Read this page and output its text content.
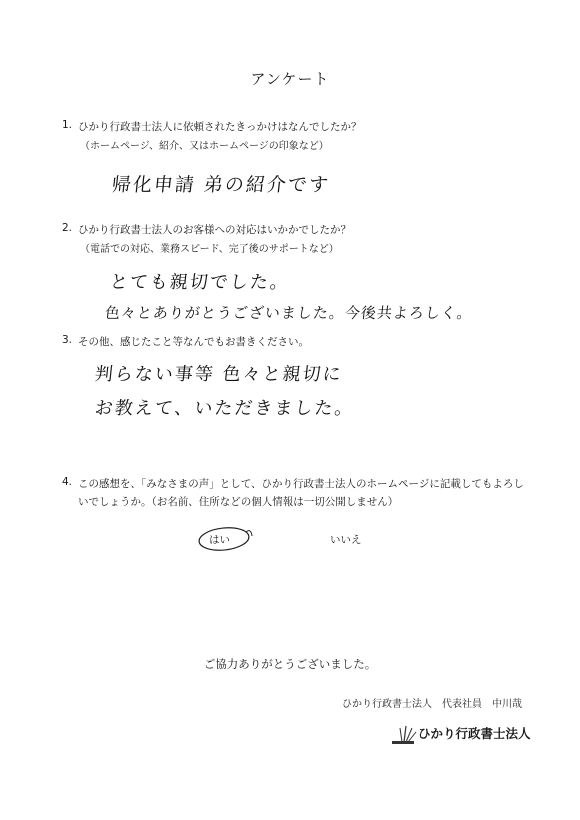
アンケート
1. ひかり行政書士法人に依頼されたきっかけはなんでしたか？
（ホームページ、紹介、又はホームページの印象など）
帰化申請 弟の紹介です
2. ひかり行政書士法人のお客様への対応はいかかでしたか？
（電話での対応、業務スピード、完了後のサポートなど）
とても親切でした。
色々とありがとうございました。今後共よろしく。
3. その他、感じたこと等なんでもお書きください。
判らない事等 色々と親切に
お教えて、いただきました。
4. この感想を、「みなさまの声」として、ひかり行政書士法人のホームページに記載してもよろし
いでしょうか。（お名前、住所などの個人情報は一切公開しません）
はい	いいえ
ご協力ありがとうございました。
ひかり行政書士法人　代表社員　中川哉
ひかり行政書士法人
